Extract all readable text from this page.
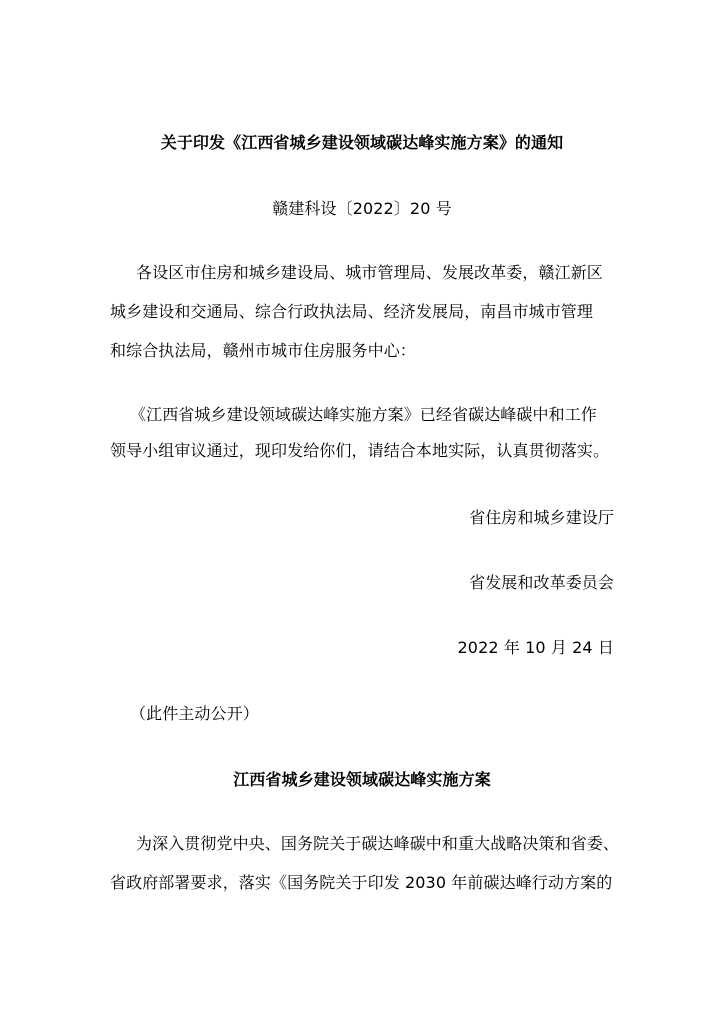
关于印发《江西省城乡建设领域碳达峰实施方案》的通知
赣建科设〔2022〕20 号
各设区市住房和城乡建设局、城市管理局、发展改革委，赣江新区
城乡建设和交通局、综合行政执法局、经济发展局，南昌市城市管理
和综合执法局，赣州市城市住房服务中心：
《江西省城乡建设领域碳达峰实施方案》已经省碳达峰碳中和工作
领导小组审议通过，现印发给你们，请结合本地实际，认真贯彻落实。
省住房和城乡建设厅
省发展和改革委员会
2022 年 10 月 24 日
（此件主动公开）
江西省城乡建设领域碳达峰实施方案
为深入贯彻党中央、国务院关于碳达峰碳中和重大战略决策和省委、
省政府部署要求，落实《国务院关于印发 2030 年前碳达峰行动方案的
